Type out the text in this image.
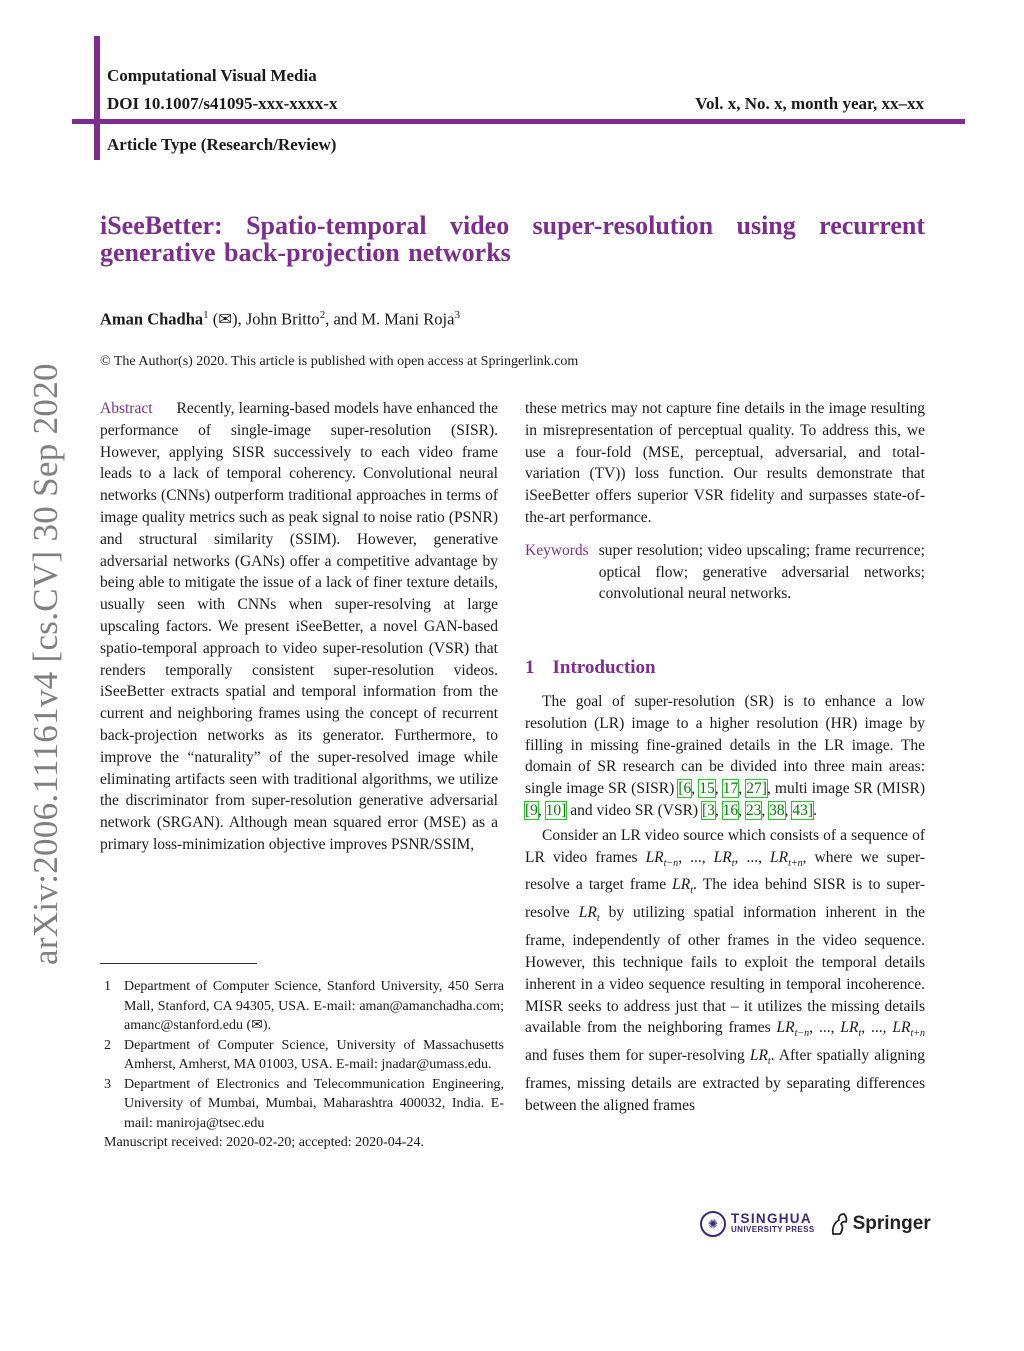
Computational Visual Media
DOI 10.1007/s41095-xxx-xxxx-x	Vol. x, No. x, month year, xx–xx
Article Type (Research/Review)
iSeeBetter: Spatio-temporal video super-resolution using recurrent generative back-projection networks
Aman Chadha$^1$ (✉), John Britto$^2$, and M. Mani Roja$^3$
© The Author(s) 2020. This article is published with open access at Springerlink.com
arXiv:2006.11161v4 [cs.CV] 30 Sep 2020 Abstract Recently, learning-based models have enhanced the performance of single-image super-resolution (SISR). However, applying SISR successively to each video frame leads to a lack of temporal coherency. Convolutional neural networks (CNNs) outperform traditional approaches in terms of image quality metrics such as peak signal to noise ratio (PSNR) and structural similarity (SSIM). However, generative adversarial networks (GANs) offer a competitive advantage by being able to mitigate the issue of a lack of finer texture details, usually seen with CNNs when super-resolving at large upscaling factors. We present iSeeBetter, a novel GAN-based spatio-temporal approach to video super-resolution (VSR) that renders temporally consistent super-resolution videos. iSeeBetter extracts spatial and temporal information from the current and neighboring frames using the concept of recurrent back-projection networks as its generator. Furthermore, to improve the “naturality” of the super-resolved image while eliminating artifacts seen with traditional algorithms, we utilize the discriminator from super-resolution generative adversarial network (SRGAN). Although mean squared error (MSE) as a primary loss-minimization objective improves PSNR/SSIM,
these metrics may not capture fine details in the image resulting in misrepresentation of perceptual quality. To address this, we use a four-fold (MSE, perceptual, adversarial, and total-variation (TV)) loss function. Our results demonstrate that iSeeBetter offers superior VSR fidelity and surpasses state-of-the-art performance.
Keywords super resolution; video upscaling; frame recurrence; optical flow; generative adversarial networks; convolutional neural networks.
1 Introduction
The goal of super-resolution (SR) is to enhance a low resolution (LR) image to a higher resolution (HR) image by filling in missing fine-grained details in the LR image. The domain of SR research can be divided into three main areas: single image SR (SISR) [6, 15, 17, 27], multi image SR (MISR) [9, 10] and video SR (VSR) [3, 16, 23, 38, 43].
Consider an LR video source which consists of a sequence of LR video frames $LR_{t-n}$, ..., $LR_t$, ..., $LR_{t+n}$, where we super-resolve a target frame $LR_t$. The idea behind SISR is to super-resolve $LR_t$ by utilizing spatial information inherent in the frame, independently of other frames in the video sequence. However, this technique fails to exploit the temporal details inherent in a video sequence resulting in temporal incoherence. MISR seeks to address just that – it utilizes the missing details available from the neighboring frames $LR_{t-n}$, ..., $LR_t$, ..., $LR_{t+n}$ and fuses them for super-resolving $LR_t$. After spatially aligning frames, missing details are extracted by separating differences between the aligned frames
1 Department of Computer Science, Stanford University, 450 Serra Mall, Stanford, CA 94305, USA. E-mail: aman@amanchadha.com; amanc@stanford.edu (✉).
2 Department of Computer Science, University of Massachusetts Amherst, Amherst, MA 01003, USA. E-mail: jnadar@umass.edu.
3 Department of Electronics and Telecommunication Engineering, University of Mumbai, Mumbai, Maharashtra 400032, India. E-mail: maniroja@tsec.edu
Manuscript received: 2020-02-20; accepted: 2020-04-24.
✺ TSINGHUA
UNIVERSITY PRESS Springer
